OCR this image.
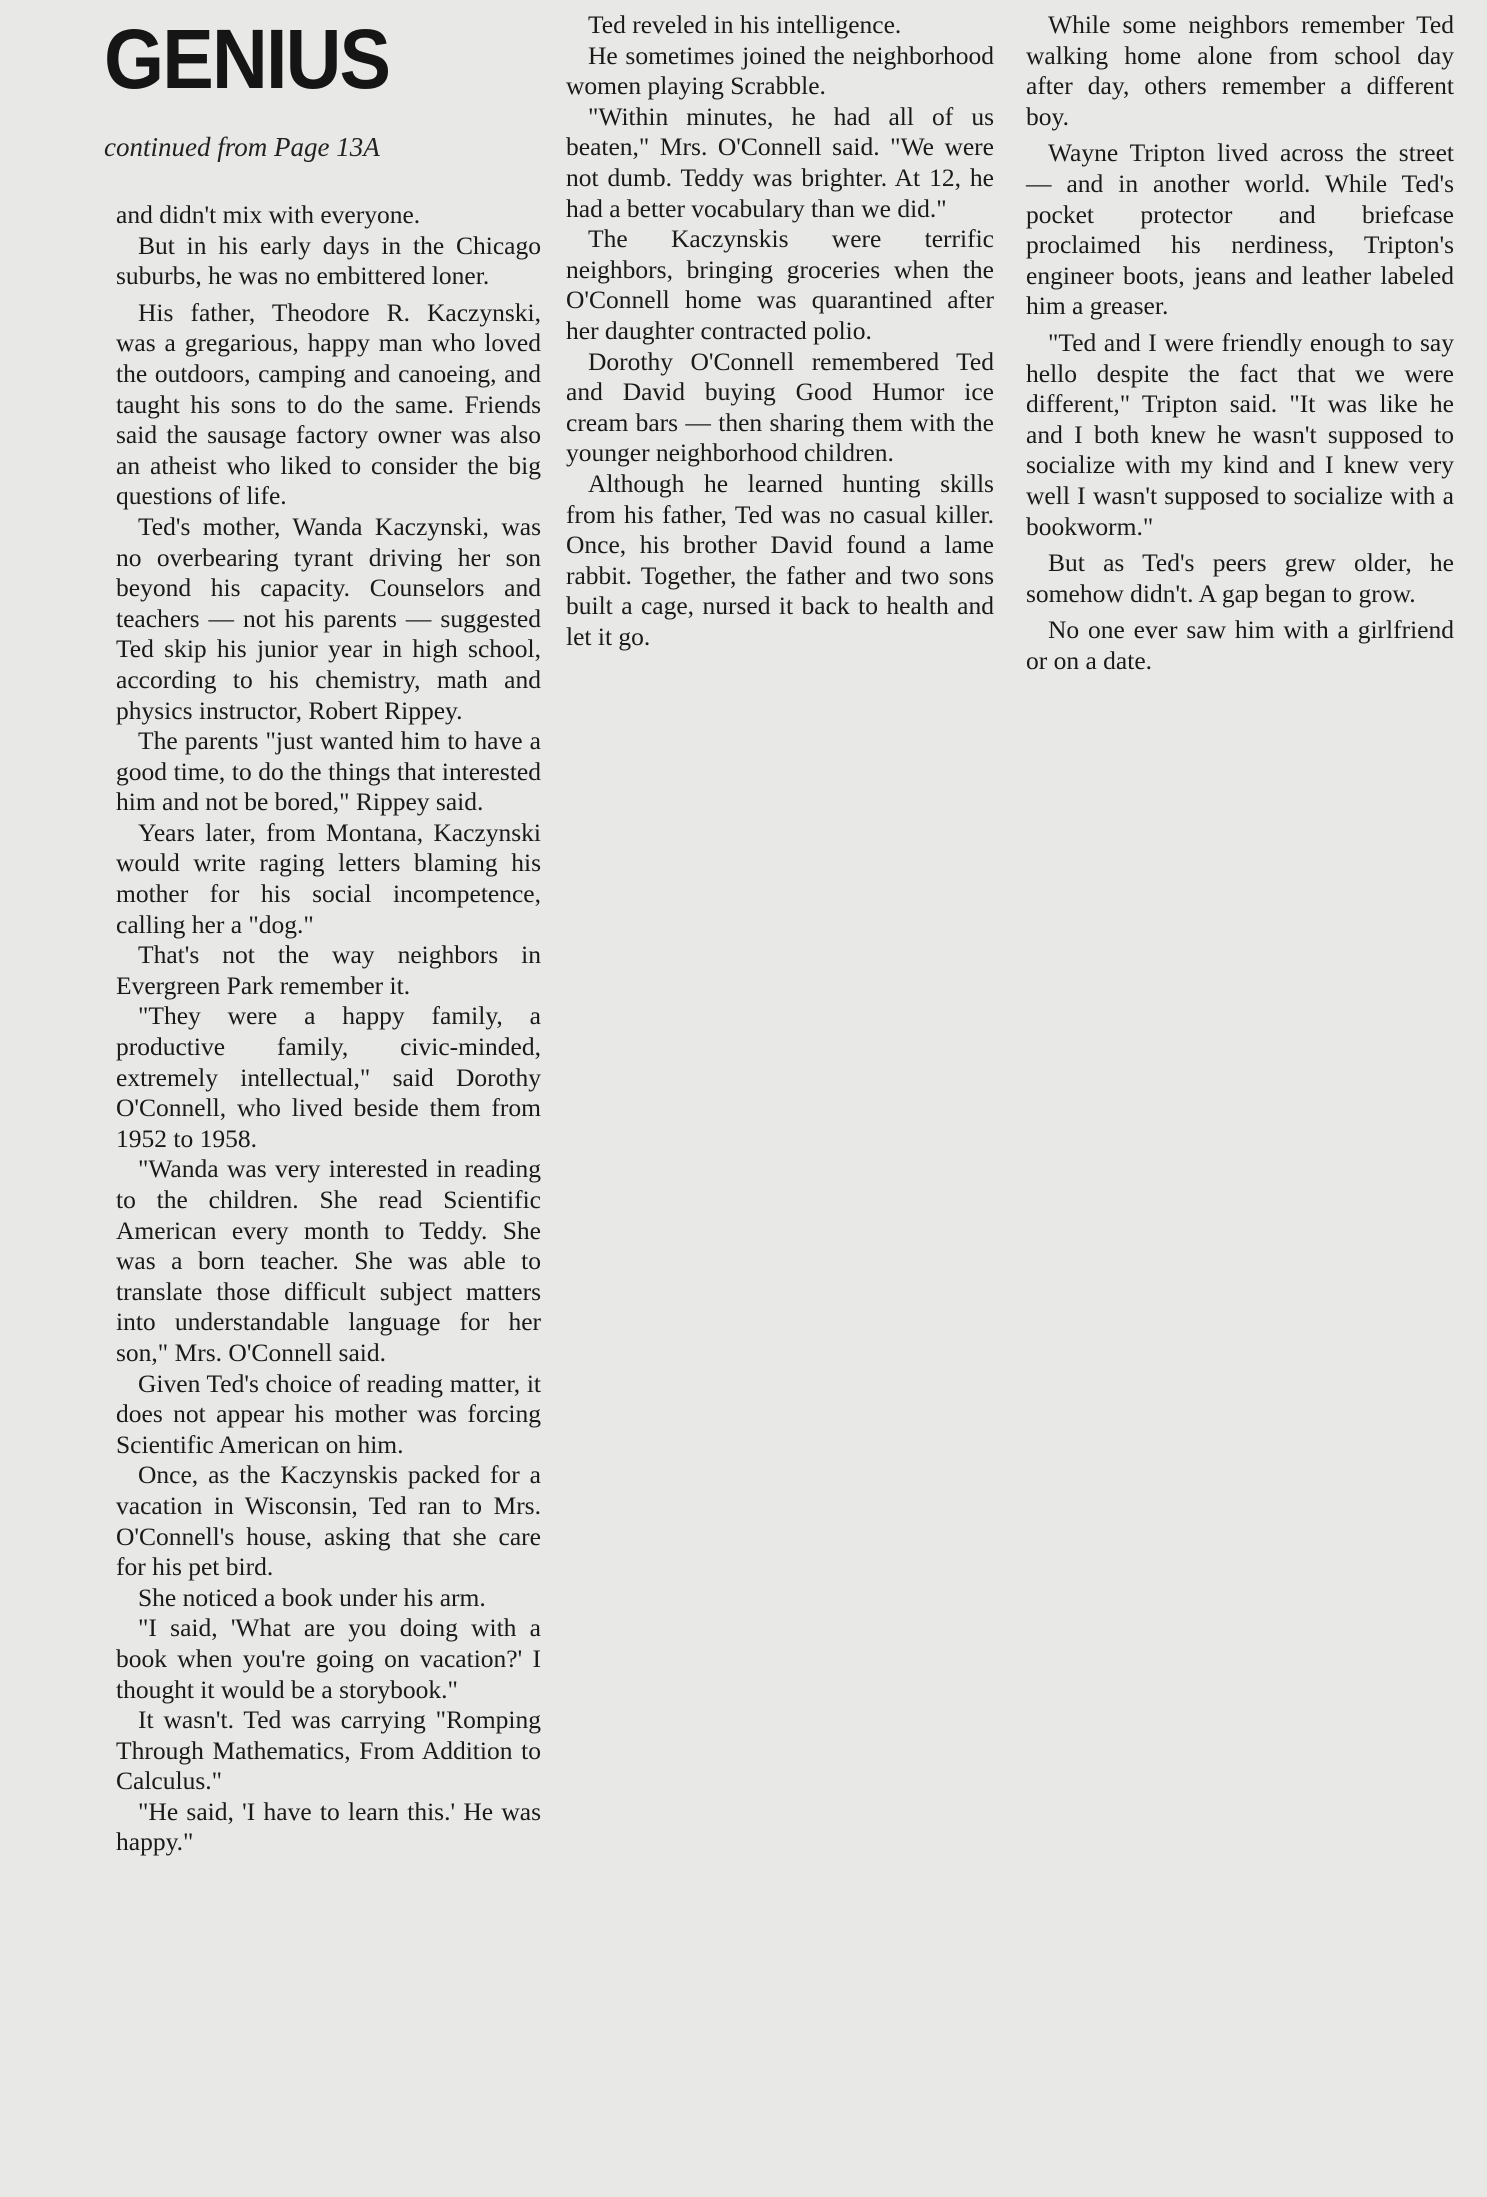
GENIUS
continued from Page 13A

and didn't mix with everyone.

But in his early days in the Chicago suburbs, he was no embittered loner.

His father, Theodore R. Kaczynski, was a gregarious, happy man who loved the outdoors, camping and canoeing, and taught his sons to do the same. Friends said the sausage factory owner was also an atheist who liked to consider the big questions of life.

Ted's mother, Wanda Kaczynski, was no overbearing tyrant driving her son beyond his capacity. Counselors and teachers — not his parents — suggested Ted skip his junior year in high school, according to his chemistry, math and physics instructor, Robert Rippey.

The parents "just wanted him to have a good time, to do the things that interested him and not be bored," Rippey said.

Years later, from Montana, Kaczynski would write raging letters blaming his mother for his social incompetence, calling her a "dog."

That's not the way neighbors in Evergreen Park remember it.

"They were a happy family, a productive family, civic-minded, extremely intellectual," said Dorothy O'Connell, who lived beside them from 1952 to 1958.

"Wanda was very interested in reading to the children. She read Scientific American every month to Teddy. She was a born teacher. She was able to translate those difficult subject matters into understandable language for her son," Mrs. O'Connell said.

Given Ted's choice of reading matter, it does not appear his mother was forcing Scientific American on him.

Once, as the Kaczynskis packed for a vacation in Wisconsin, Ted ran to Mrs. O'Connell's house, asking that she care for his pet bird.

She noticed a book under his arm.

"I said, 'What are you doing with a book when you're going on vacation?' I thought it would be a storybook."

It wasn't. Ted was carrying "Romping Through Mathematics, From Addition to Calculus."

"He said, 'I have to learn this.' He was happy."

Ted reveled in his intelligence.

He sometimes joined the neighborhood women playing Scrabble.

"Within minutes, he had all of us beaten," Mrs. O'Connell said. "We were not dumb. Teddy was brighter. At 12, he had a better vocabulary than we did."

The Kaczynskis were terrific neighbors, bringing groceries when the O'Connell home was quarantined after her daughter contracted polio.

Dorothy O'Connell remembered Ted and David buying Good Humor ice cream bars — then sharing them with the younger neighborhood children.

Although he learned hunting skills from his father, Ted was no casual killer. Once, his brother David found a lame rabbit. Together, the father and two sons built a cage, nursed it back to health and let it go.

While some neighbors remember Ted walking home alone from school day after day, others remember a different boy.

Wayne Tripton lived across the street — and in another world. While Ted's pocket protector and briefcase proclaimed his nerdiness, Tripton's engineer boots, jeans and leather labeled him a greaser.

"Ted and I were friendly enough to say hello despite the fact that we were different," Tripton said. "It was like he and I both knew he wasn't supposed to socialize with my kind and I knew very well I wasn't supposed to socialize with a bookworm."

But as Ted's peers grew older, he somehow didn't. A gap began to grow.

No one ever saw him with a girlfriend or on a date.
